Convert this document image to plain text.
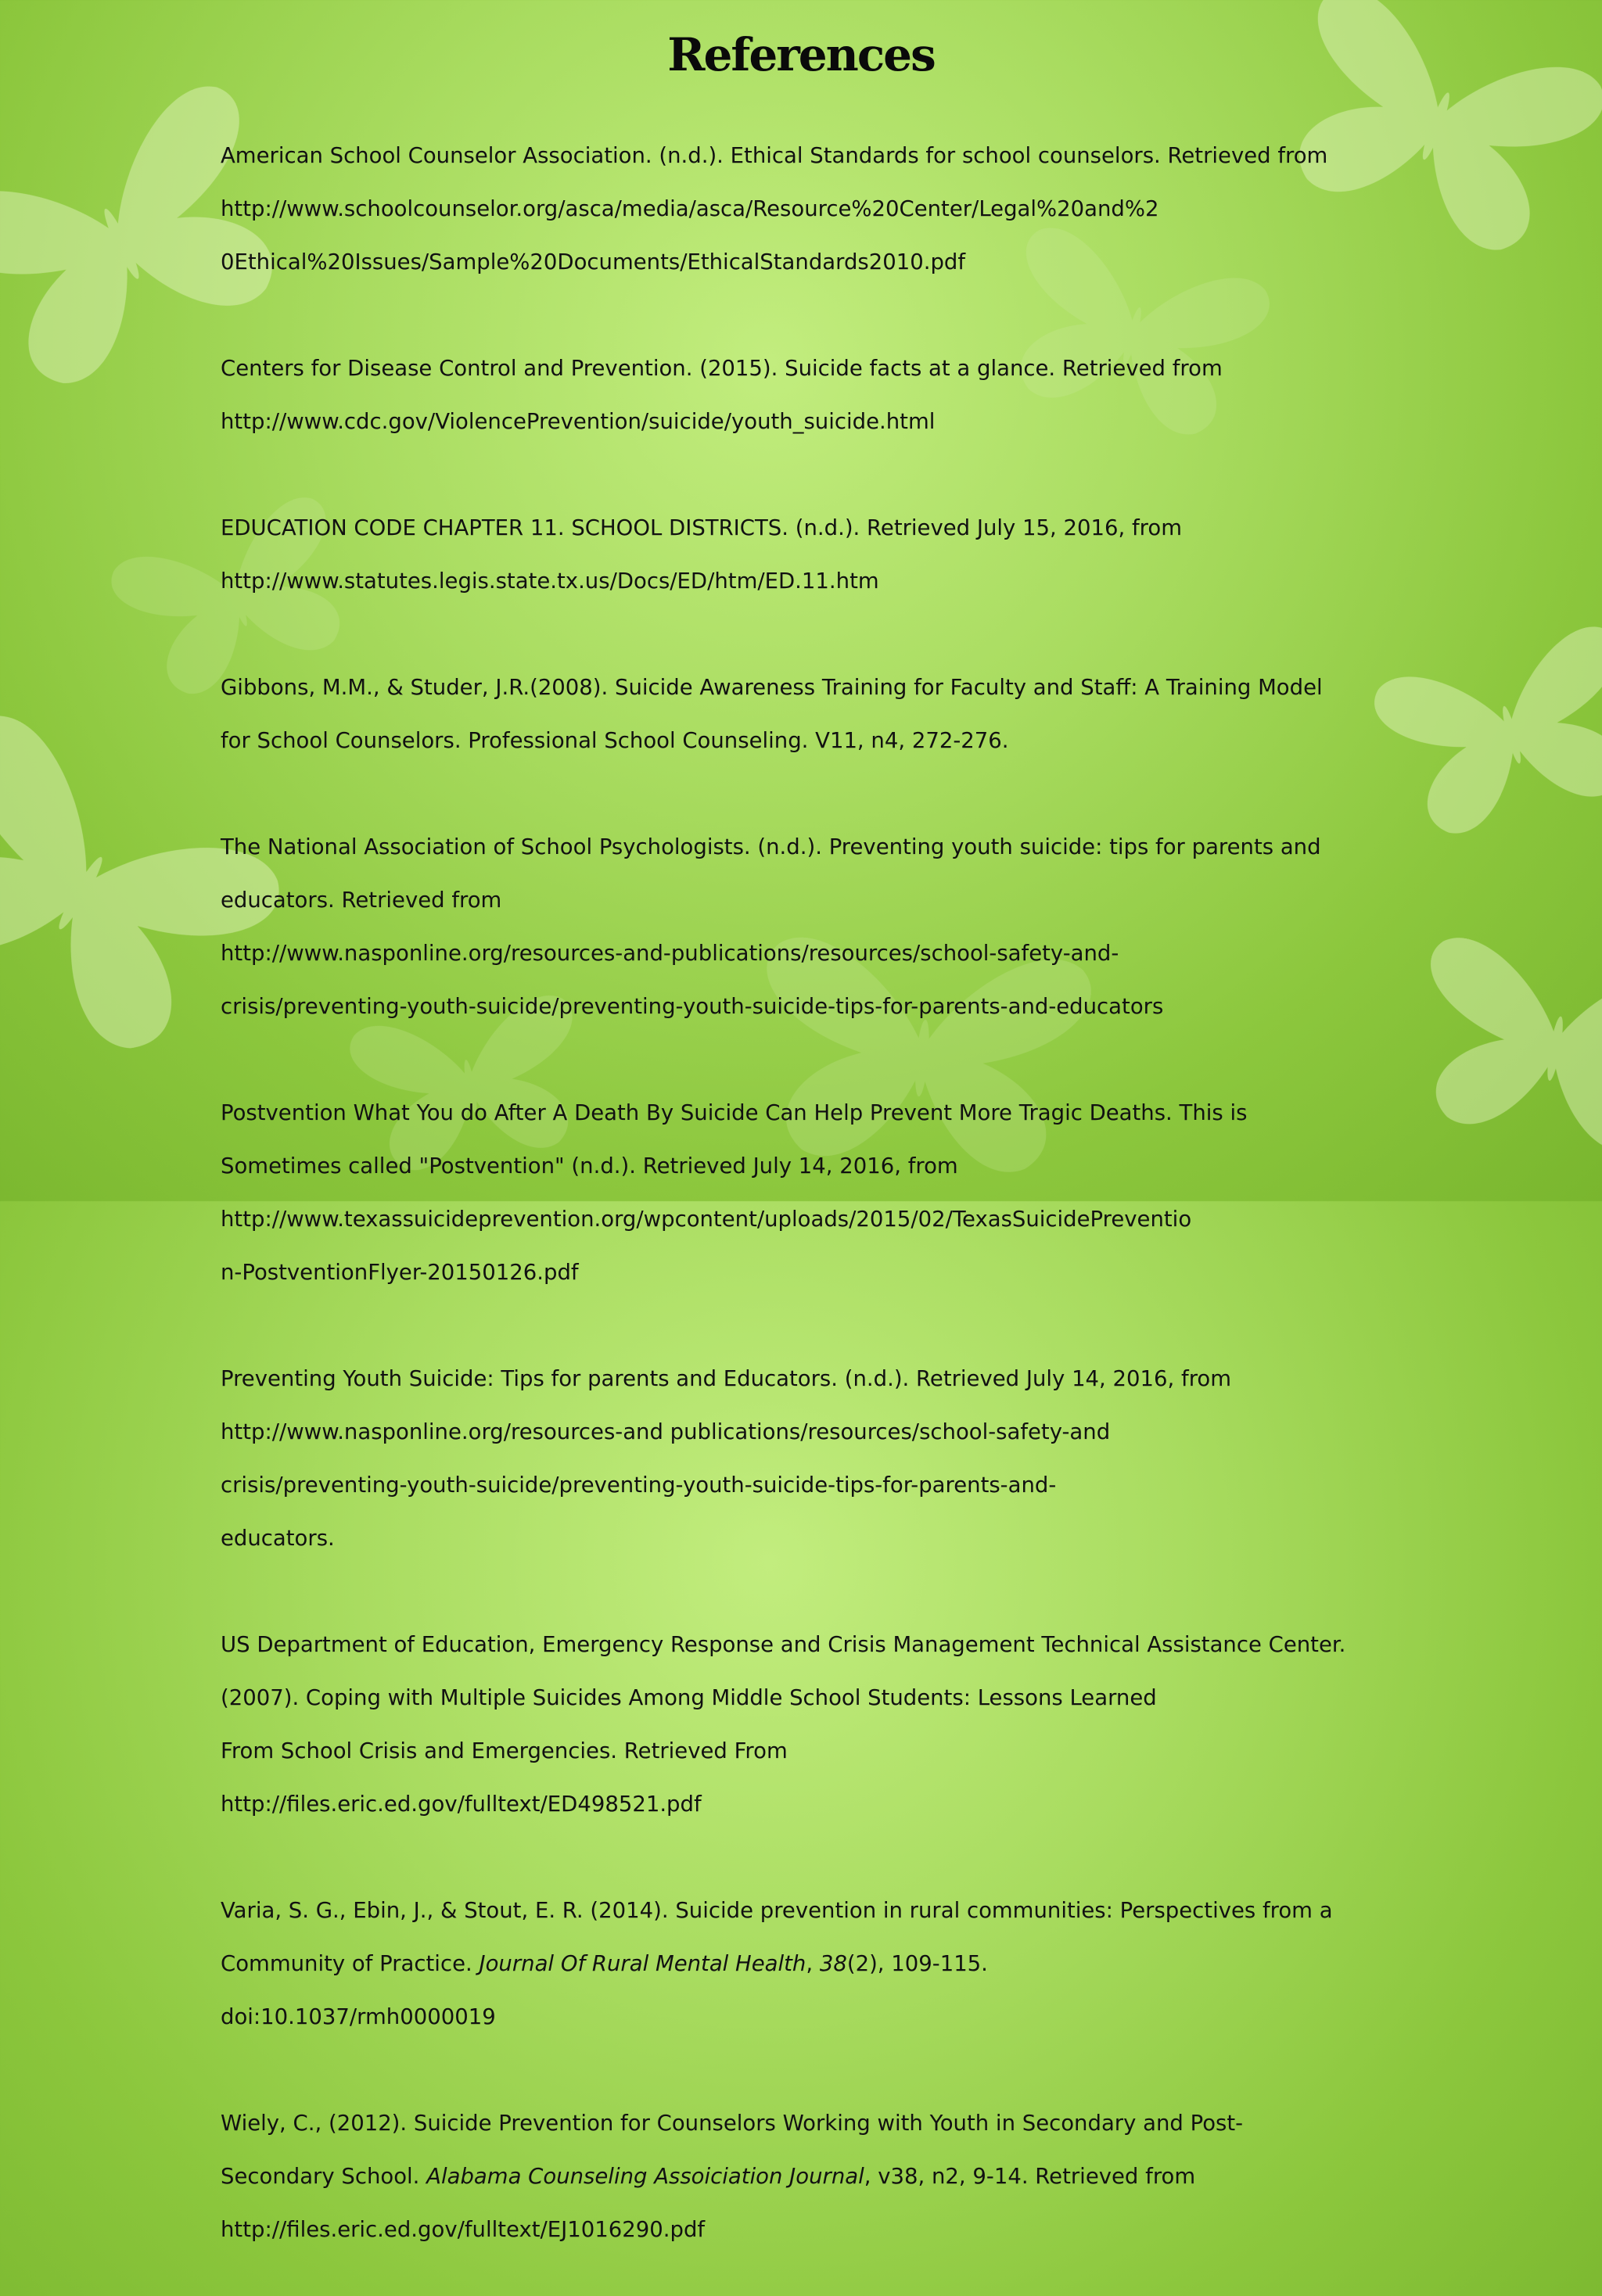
References

American School Counselor Association. (n.d.). Ethical Standards for school counselors. Retrieved from

http://www.schoolcounselor.org/asca/media/asca/Resource%20Center/Legal%20and%2

0Ethical%20Issues/Sample%20Documents/EthicalStandards2010.pdf

Centers for Disease Control and Prevention. (2015). Suicide facts at a glance. Retrieved from

http://www.cdc.gov/ViolencePrevention/suicide/youth_suicide.html

EDUCATION CODE CHAPTER 11. SCHOOL DISTRICTS. (n.d.). Retrieved July 15, 2016, from

http://www.statutes.legis.state.tx.us/Docs/ED/htm/ED.11.htm

Gibbons, M.M., & Studer, J.R.(2008). Suicide Awareness Training for Faculty and Staff: A Training Model

for School Counselors. Professional School Counseling. V11, n4, 272-276.

The National Association of School Psychologists. (n.d.). Preventing youth suicide: tips for parents and

educators. Retrieved from

http://www.nasponline.org/resources-and-publications/resources/school-safety-and-

crisis/preventing-youth-suicide/preventing-youth-suicide-tips-for-parents-and-educators

Postvention What You do After A Death By Suicide Can Help Prevent More Tragic Deaths. This is

Sometimes called "Postvention" (n.d.). Retrieved July 14, 2016, from

http://www.texassuicideprevention.org/wpcontent/uploads/2015/02/TexasSuicidePreventio

n-PostventionFlyer-20150126.pdf

Preventing Youth Suicide: Tips for parents and Educators. (n.d.). Retrieved July 14, 2016, from

http://www.nasponline.org/resources-and publications/resources/school-safety-and

crisis/preventing-youth-suicide/preventing-youth-suicide-tips-for-parents-and-

educators.

US Department of Education, Emergency Response and Crisis Management Technical Assistance Center.

(2007). Coping with Multiple Suicides Among Middle School Students: Lessons Learned

From School Crisis and Emergencies. Retrieved From

http://files.eric.ed.gov/fulltext/ED498521.pdf

Varia, S. G., Ebin, J., & Stout, E. R. (2014). Suicide prevention in rural communities: Perspectives from a

Community of Practice. Journal Of Rural Mental Health, 38(2), 109-115.

doi:10.1037/rmh0000019

Wiely, C., (2012). Suicide Prevention for Counselors Working with Youth in Secondary and Post-

Secondary School. Alabama Counseling Assoiciation Journal, v38, n2, 9-14. Retrieved from

http://files.eric.ed.gov/fulltext/EJ1016290.pdf
